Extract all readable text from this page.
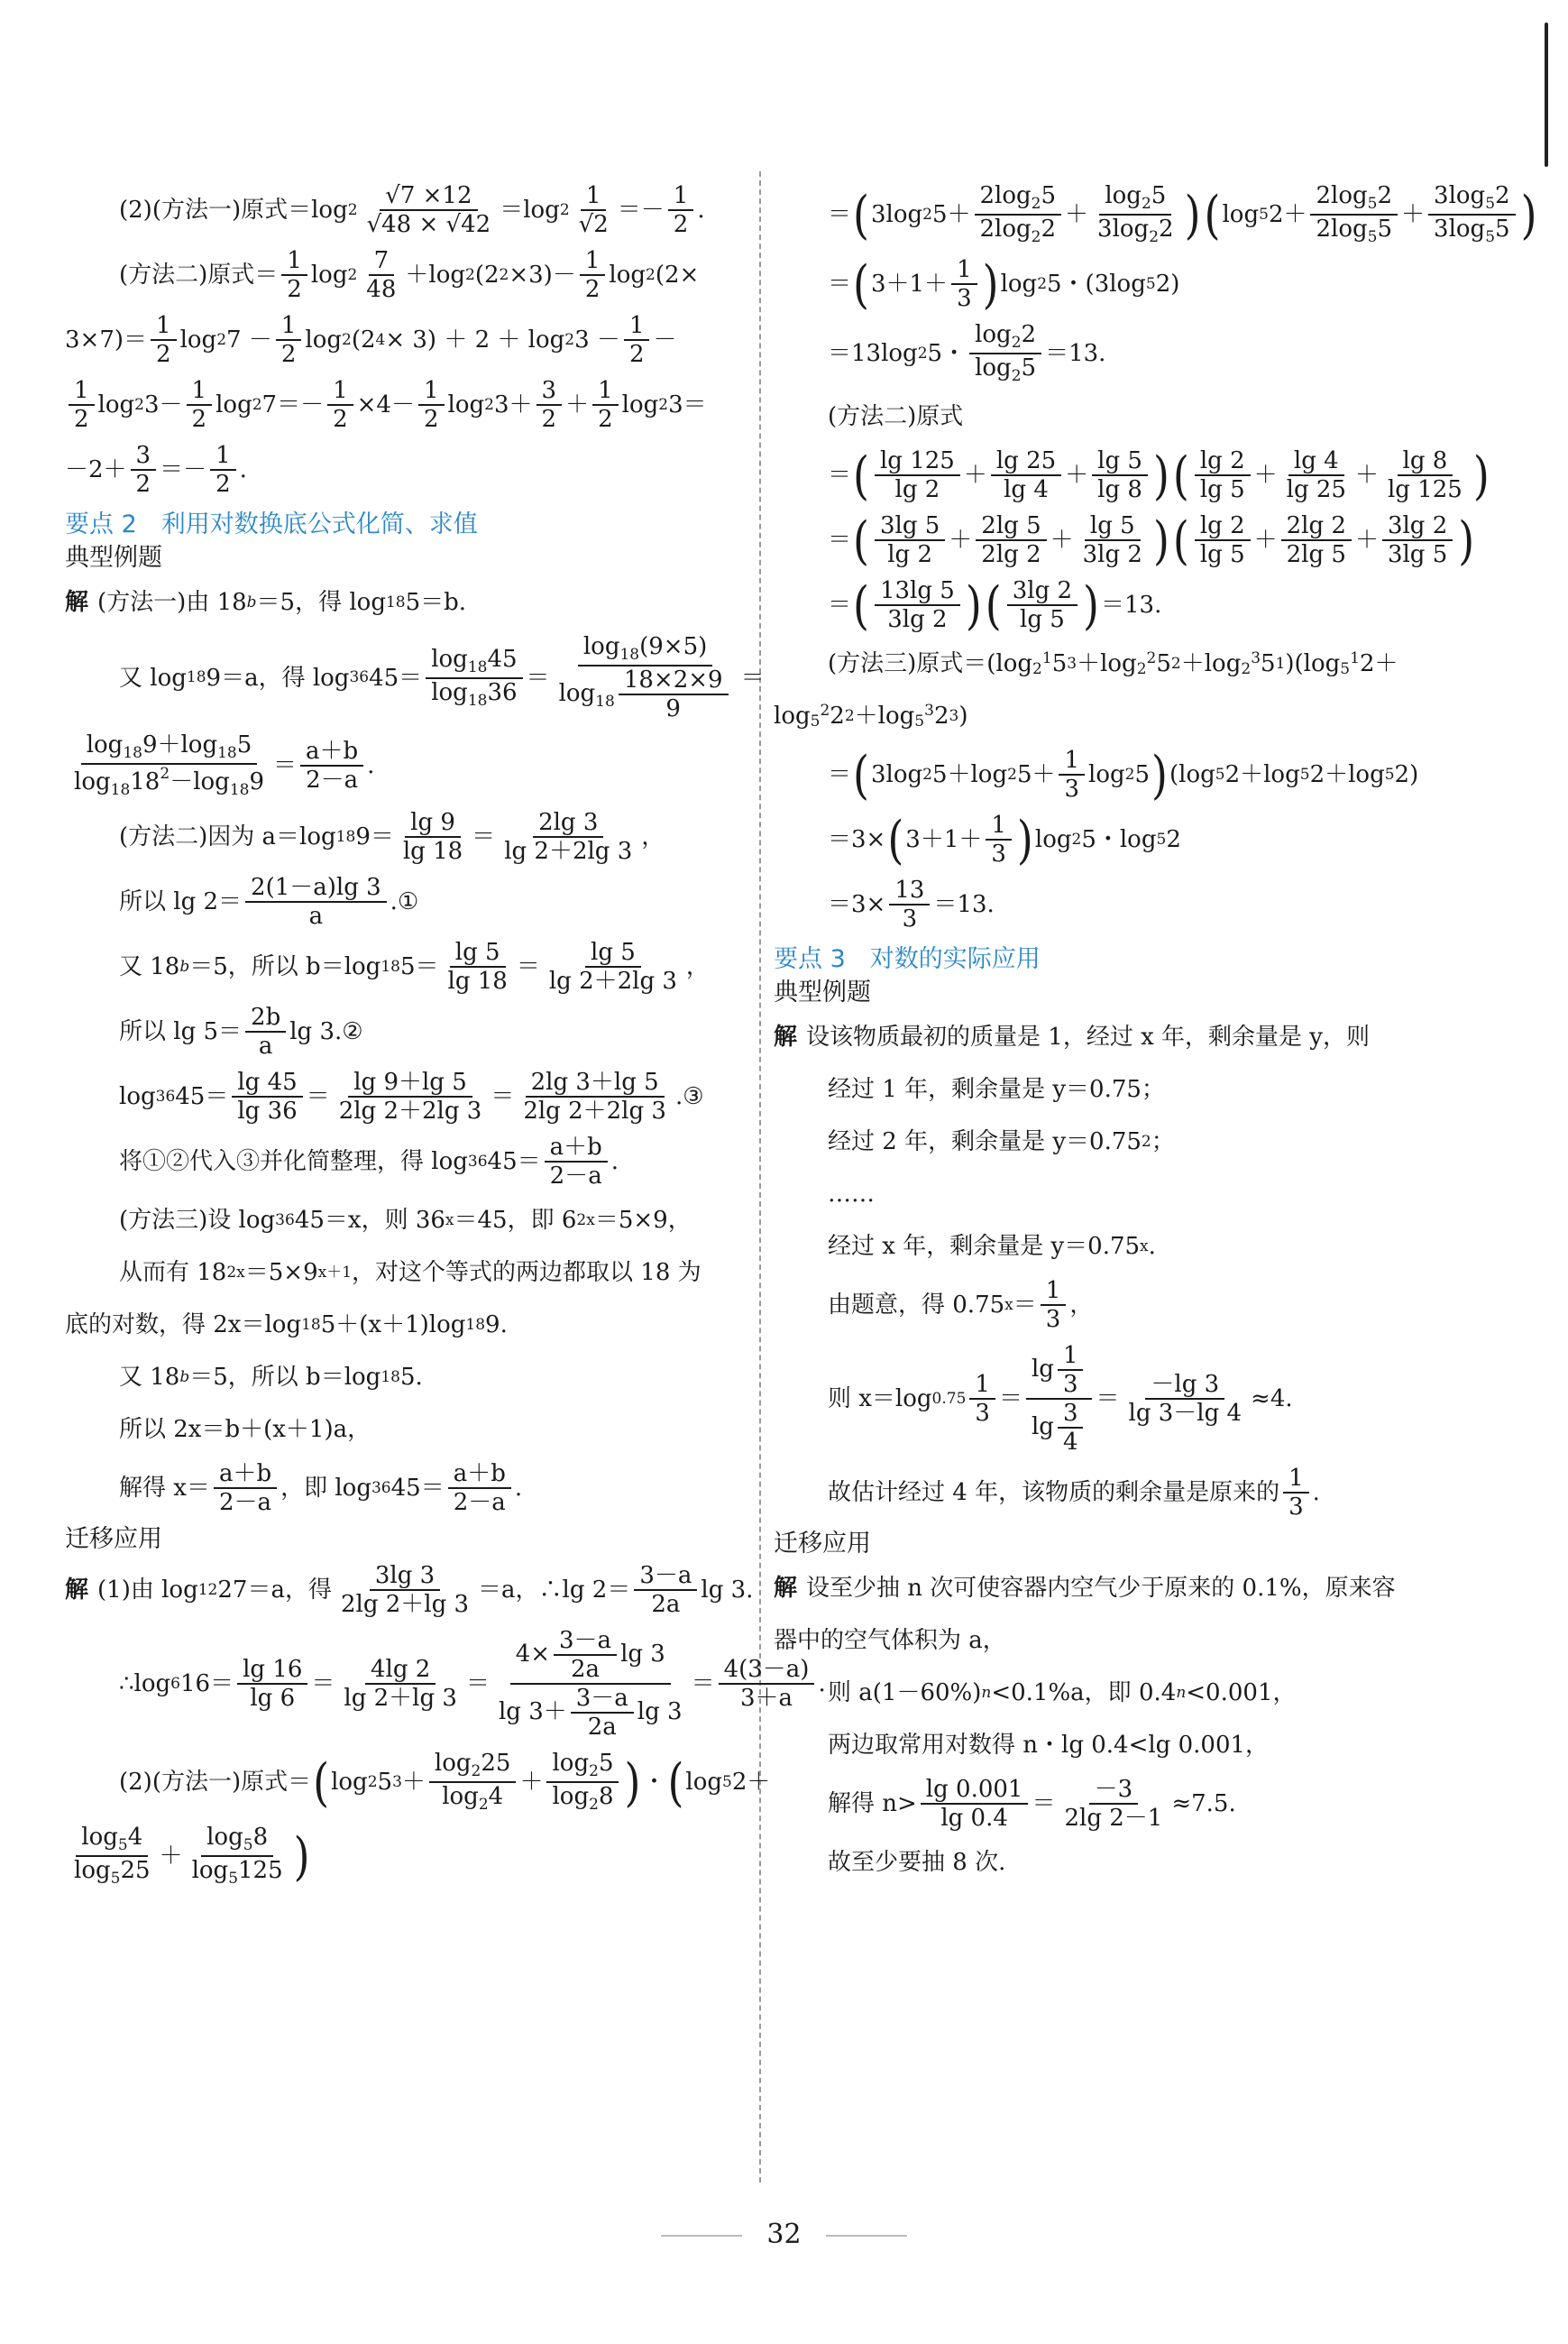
(2)(方法一)原式＝log $2 \frac{√7 \times 12}{√48 \times √42} =\log$ $2 \frac{1}{√2} =- \frac{1}{2}$ .
(方法二)原式＝ $\frac{1}{2}$ $\log 2 \frac{7}{48} +\log$ 2 (2 $2 \times 3)- \frac{1}{2}$ log 2 (2×
$3\times 7)= \frac{1}{2}$ log 2 $7 - \frac{1}{2}$ log 2 (2 4 × 3) ＋ 2 ＋ log 2 $3 - \frac{1}{2}$ －
$\frac{1}{2}$ log 2 $3- \frac{1}{2}$ log 2 $7=- \frac{1}{2} \times 4- \frac{1}{2}$ log 2 $3+ \frac{3}{2} + \frac{1}{2}$ log 2 3＝
$-2+ \frac{3}{2} =- \frac{1}{2}$ .
要点 2　利用对数换底公式化简、求值
典型例题
解 (方法一)由 18 b ＝5，得 log 18 5＝b.
又 log 18 9＝a，得 log 36 $45= \frac{\log_{18}45}{\log_{18}36} = \frac{\log_{18}(9\times 5)}{\log_{18} \frac{18\times 2\times 9}{9}}$ ＝
$\frac{\log_{18}9+\log_{18}5}{\log_{18}18^2-\log_{18}9} = \frac{a+b}{2-a}$ .
(方法二)因为 a＝log 18 $9= \frac{\lg 9}{\lg 18} = \frac{2\lg 3}{\lg 2+2\lg 3}$ ，
所以 $\lg 2= \frac{2(1-a)\lg 3}{a}$ . ①
又 18 b ＝5，所以 b＝log 18 $5= \frac{\lg 5}{\lg 18} = \frac{\lg 5}{\lg 2+2\lg 3}$ ，
所以 $\lg 5= \frac{2b}{a}$ lg 3. ②
log 36 $45= \frac{\lg 45}{\lg 36} = \frac{\lg 9+\lg 5}{2\lg 2+2\lg 3} = \frac{2\lg 3+\lg 5}{2\lg 2+2\lg 3}$ . ③
将①②代入③并化简整理，得 log 36 $45= \frac{a+b}{2-a}$ .
(方法三)设 log 36 45 ＝x，则 36 x ＝45，即 6 2x ＝5×9，
从而有 18 2x ＝5×9 x＋1 ，对这个等式的两边都取以 18 为
底的对数，得 2x＝log 18 5＋(x＋1)log 18 9.
又 18 b ＝5，所以 b＝log 18 5.
所以 2x＝b＋(x＋1)a，
解得 $x= \frac{a+b}{2-a}$ ，即 log 36 $45= \frac{a+b}{2-a}$ .
迁移应用
解 (1)由 log 12 27＝a，得 $\frac{3\lg 3}{2\lg 2+\lg 3} =a$，∴lg $2= \frac{3-a}{2a}$ lg 3.
∴log 6 $16= \frac{\lg 16}{\lg 6} = \frac{4\lg 2}{\lg 2+\lg 3} = \frac{4\times \frac{3-a}{2a} \lg 3}{\lg 3+ \frac{3-a}{2a} \lg 3} = \frac{4(3-a)}{3+a}$ .
(2)(方法一)原式＝ ( log 2 5 $3 + \frac{\log_225}{\log_24} + \frac{\log_25}{\log_28}$ ) ・ ( log 5 2＋
$\frac{\log_54}{\log_525} + \frac{\log_58}{\log_5125}$ )
＝ ( 3log 2 $5+ \frac{2\log_25}{2\log_22} + \frac{\log_25}{3\log_22}$ ) ( log 5 $2+ \frac{2\log_52}{2\log_55} + \frac{3\log_52}{3\log_55}$ )
＝ ( $3+1+ \frac{1}{3}$ ) log 2 5・(3log 5 2)
＝13log 2 5・ $\frac{\log_22}{\log_25} =13$.
(方法二)原式
＝ ( $\frac{\lg 125}{\lg 2} + \frac{\lg 25}{\lg 4} + \frac{\lg 5}{\lg 8}$ ) ( $\frac{\lg 2}{\lg 5} + \frac{\lg 4}{\lg 25} + \frac{\lg 8}{\lg 125}$ )
＝ ( $\frac{3\lg 5}{\lg 2} + \frac{2\lg 5}{2\lg 2} + \frac{\lg 5}{3\lg 2}$ ) ( $\frac{\lg 2}{\lg 5} + \frac{2\lg 2}{2\lg 5} + \frac{3\lg 2}{3\lg 5}$ )
＝ ( $\frac{13\lg 5}{3\lg 2}$ ) ( $\frac{3\lg 2}{\lg 5}$ ) ＝13.
(方法三)原式＝(log $2^1$ 5 3 ＋log $2^2$ 5 2 ＋log $2^3$ 5 1 )(log $5^1$ 2＋
$\log 5^2$ 2 2 ＋log $5^3$ 2 3 )
＝ ( 3log 2 5＋log 2 $5+ \frac{1}{3}$ log 2 5 ) (log 5 2＋log 5 2＋log 5 2)
＝3× ( $3+1+ \frac{1}{3}$ ) log 2 5・log 5 2
$=3\times \frac{13}{3} =13$.
要点 3　对数的实际应用
典型例题
解 设该物质最初的质量是 1，经过 x 年，剩余量是 y，则
经过 1 年，剩余量是 y＝0.75；
经过 2 年，剩余量是 y＝0.75 2 ；
……
经过 x 年，剩余量是 y＝0.75 x .
由题意，得 0.75 $x = \frac{1}{3}$ ，
则 x＝log $0.75 \frac{1}{3} = \frac{\lg \frac{1}{3}}{\lg \frac{3}{4}} = \frac{-\lg 3}{\lg 3-\lg 4} \approx 4$.
故估计经过 4 年，该物质的剩余量是原来的 $\frac{1}{3}$ .
迁移应用
解 设至少抽 n 次可使容器内空气少于原来的 0.1%，原来容
器中的空气体积为 a，
则 a(1－60%) n <0.1%a，即 0.4 n <0.001，
两边取常用对数得 n・lg 0.4<lg 0.001，
解得 $n> \frac{\lg 0.001}{\lg 0.4} = \frac{-3}{2\lg 2-1} \approx 7.5$.
故至少要抽 8 次.
32
